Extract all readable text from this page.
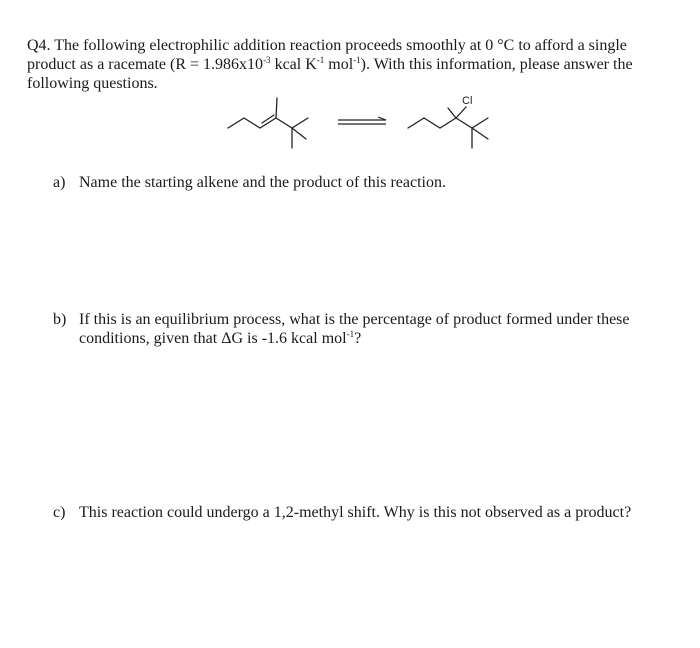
Q4. The following electrophilic addition reaction proceeds smoothly at 0 °C to afford a single product as a racemate ($R = 1.986x10^{-3}$ kcal $K^{-1}$ mol$^{-1}$). With this information, please answer the following questions.
Cl
a) Name the starting alkene and the product of this reaction.
b) If this is an equilibrium process, what is the percentage of product formed under these conditions, given that ΔG is -1.6 kcal mol$^{-1}$?
c) This reaction could undergo a 1,2-methyl shift. Why is this not observed as a product?
